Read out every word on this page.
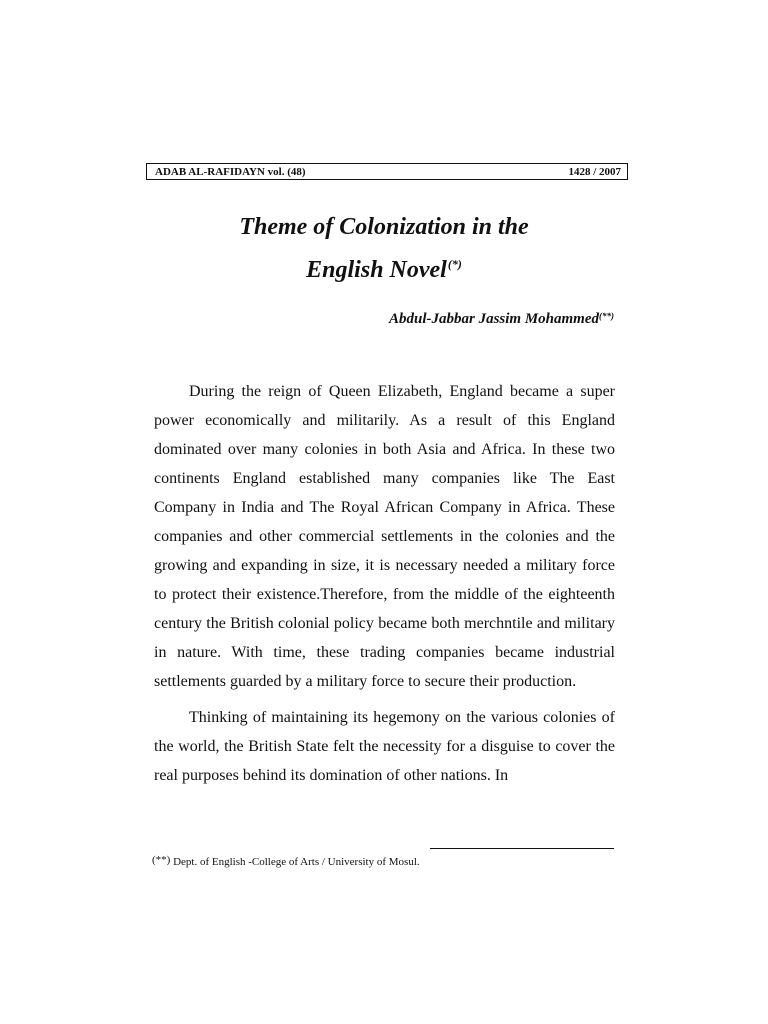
ADAB AL-RAFIDAYN vol. (48)	1428 / 2007
Theme of Colonization in the
English Novel(*)
Abdul-Jabbar Jassim Mohammed(**)

During the reign of Queen Elizabeth, England became a super power economically and militarily. As a result of this England dominated over many colonies in both Asia and Africa. In these two continents England established many companies like The East Company in India and The Royal African Company in Africa. These companies and other commercial settlements in the colonies and the growing and expanding in size, it is necessary needed a military force to protect their existence.Therefore, from the middle of the eighteenth century the British colonial policy became both merchntile and military in nature. With time, these trading companies became industrial settlements guarded by a military force to secure their production.

Thinking of maintaining its hegemony on the various colonies of the world, the British State felt the necessity for a disguise to cover the real purposes behind its domination of other nations. In

(**) Dept. of English -College of Arts / University of Mosul.
